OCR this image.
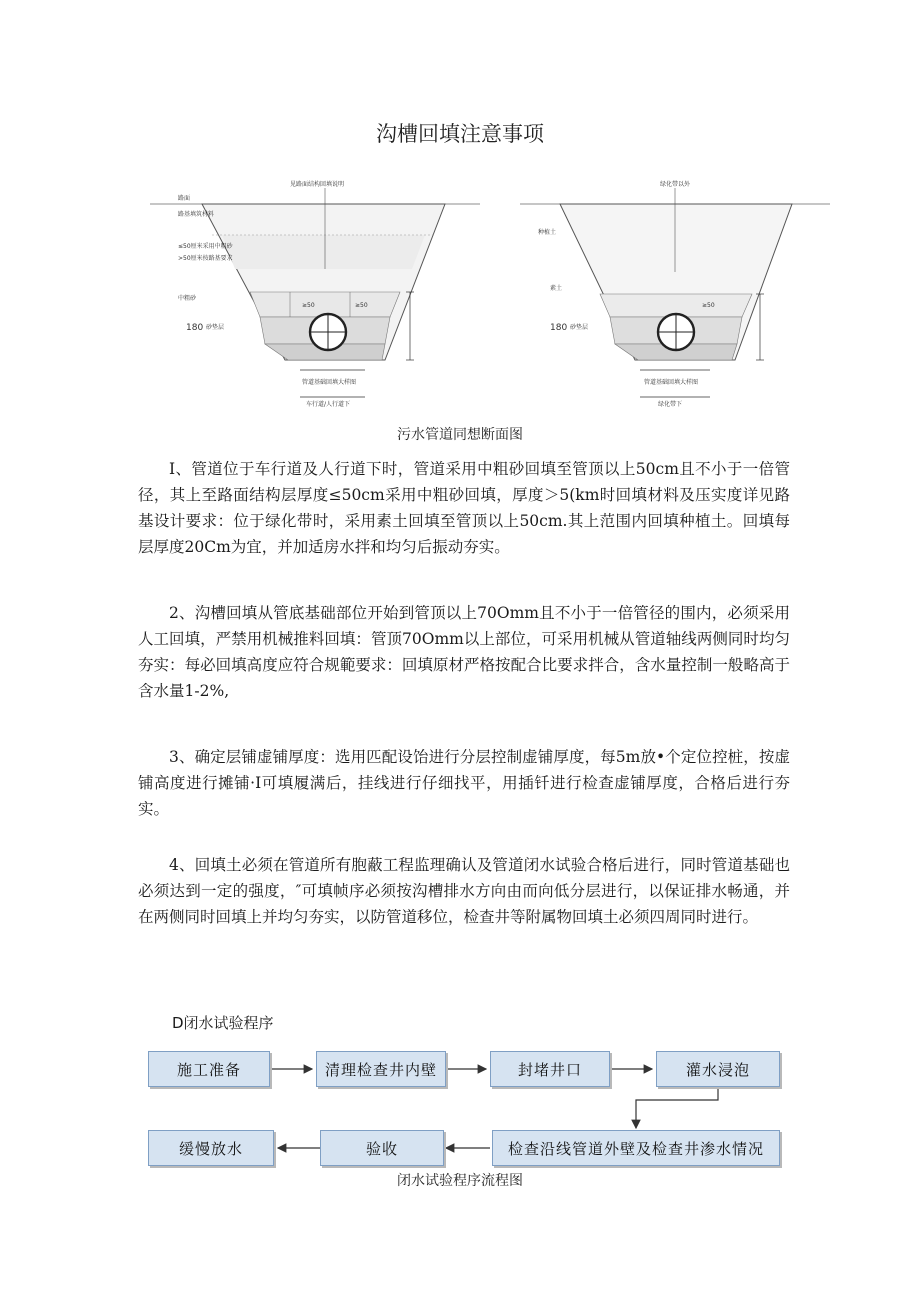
沟槽回填注意事项
见路面结构回填说明
路面
路基填筑材料
≤50厘米采用中粗砂
>50厘米按路基要求
中粗砂
180 砂垫层
≥50	≥50
管道基础回填大样图
车行道/人行道下
绿化带以外
种植土
素土
180 砂垫层
≥50
管道基础回填大样图
绿化带下
污水管道同想断面图

I、管道位于车行道及人行道下时，管道采用中粗砂回填至管顶以上50cm且不小于一倍管径，其上至路面结构层厚度≤50cm采用中粗砂回填，厚度＞5(km时回填材料及压实度详见路基设计要求：位于绿化带时，采用素土回填至管顶以上50cm.其上范围内回填种植土。回填每层厚度20Cm为宜，并加适房水拌和均匀后振动夯实。

2、沟槽回填从管底基础部位开始到管顶以上70Omm且不小于一倍管径的围内，必须采用人工回填，严禁用机械推料回填：管顶70Omm以上部位，可采用机械从管道轴线两侧同时均匀夯实：每必回填高度应符合规範要求：回填原材严格按配合比要求拌合，含水量控制一般略高于含水量1-2%,

3、确定层铺虚铺厚度：选用匹配设饴进行分层控制虚铺厚度，每5m放•个定位控桩，按虚铺高度进行摊铺·I可填履满后，挂线进行仔细找平，用插钎进行检查虚铺厚度，合格后进行夯实。

4、回填土必须在管道所有胞蔽工程监理确认及管道闭水试验合格后进行，同时管道基础也必须达到一定的强度，″可填帧序必须按沟槽排水方向由而向低分层进行，以保证排水畅通，并在两侧同时回填上并均匀夯实，以防管道移位，检查井等附属物回填土必须四周同时进行。

D闭水试验程序
施工准备	清理检查井内壁	封堵井口	灌水浸泡
检查沿线管道外壁及检查井渗水情况
验收
缓慢放水
闭水试验程序流程图
